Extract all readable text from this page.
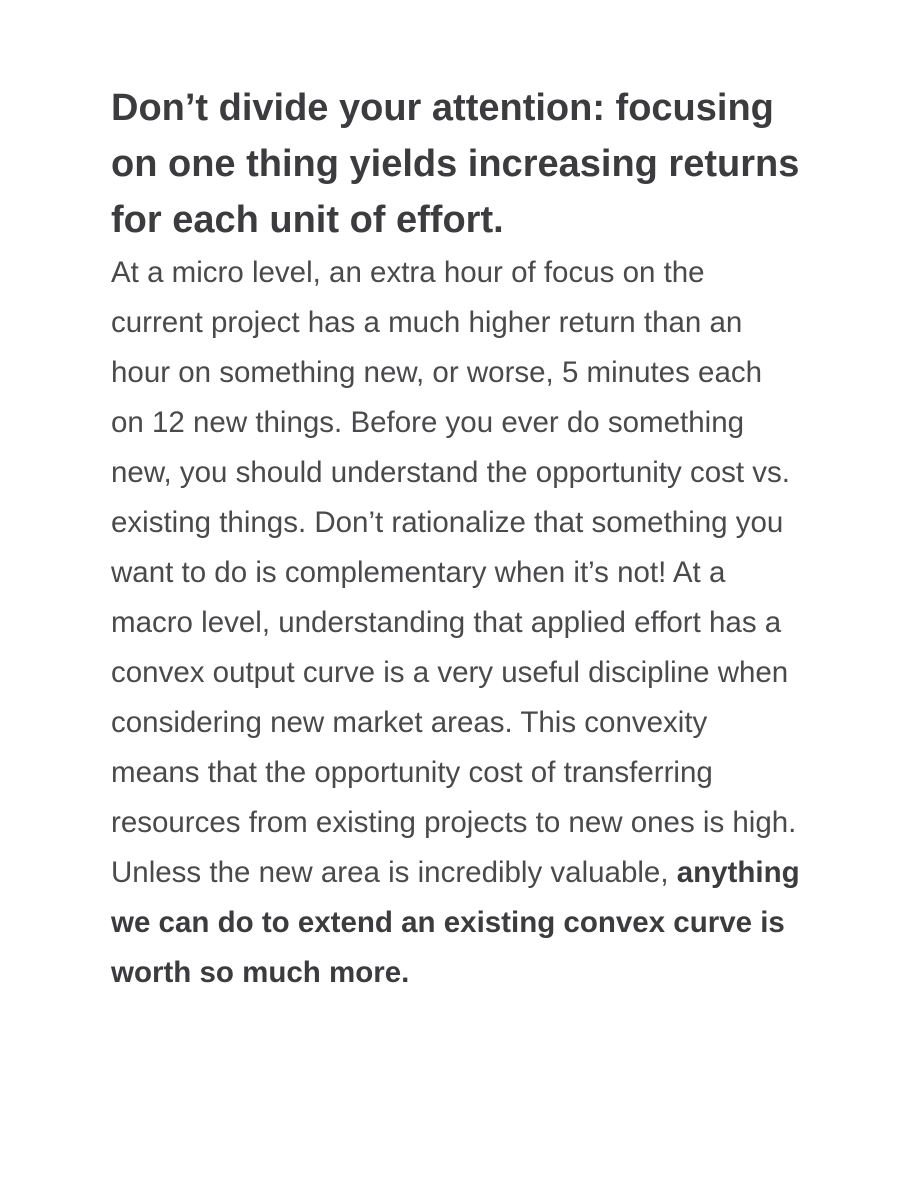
Don’t divide your attention: focusing on one thing yields increasing returns for each unit of effort.

At a micro level, an extra hour of focus on the current project has a much higher return than an hour on something new, or worse, 5 minutes each on 12 new things. Before you ever do something new, you should understand the opportunity cost vs. existing things. Don’t rationalize that something you want to do is complementary when it’s not! At a macro level, understanding that applied effort has a convex output curve is a very useful discipline when considering new market areas. This convexity means that the opportunity cost of transferring resources from existing projects to new ones is high. Unless the new area is incredibly valuable, anything we can do to extend an existing convex curve is worth so much more.
